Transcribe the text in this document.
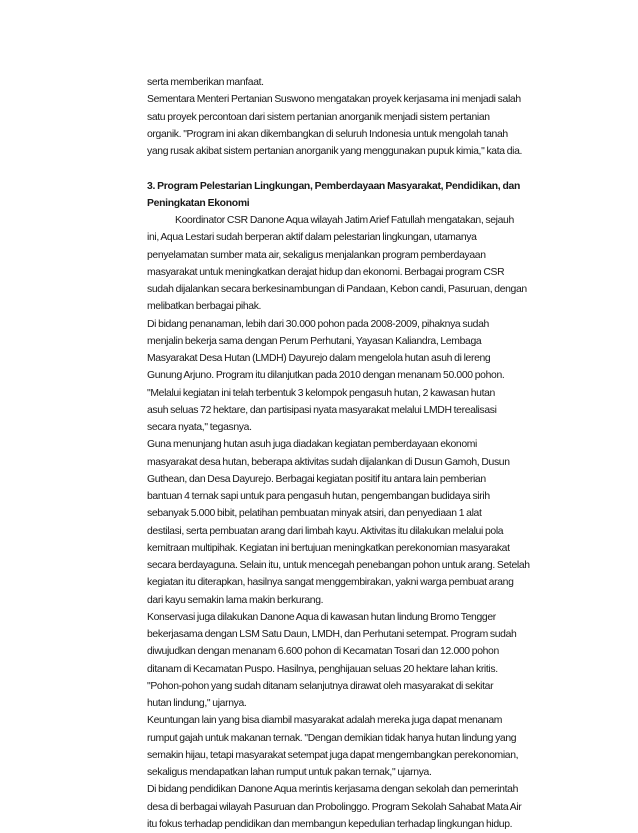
serta memberikan manfaat.
Sementara Menteri Pertanian Suswono mengatakan proyek kerjasama ini menjadi salah
satu proyek percontoan dari sistem pertanian anorganik menjadi sistem pertanian
organik. "Program ini akan dikembangkan di seluruh Indonesia untuk mengolah tanah
yang rusak akibat sistem pertanian anorganik yang menggunakan pupuk kimia," kata dia.
3. Program Pelestarian Lingkungan, Pemberdayaan Masyarakat, Pendidikan, dan
Peningkatan Ekonomi
Koordinator CSR Danone Aqua wilayah Jatim Arief Fatullah mengatakan, sejauh
ini, Aqua Lestari sudah berperan aktif dalam pelestarian lingkungan, utamanya
penyelamatan sumber mata air, sekaligus menjalankan program pemberdayaan
masyarakat untuk meningkatkan derajat hidup dan ekonomi. Berbagai program CSR
sudah dijalankan secara berkesinambungan di Pandaan, Kebon candi, Pasuruan, dengan
melibatkan berbagai pihak.
Di bidang penanaman, lebih dari 30.000 pohon pada 2008-2009, pihaknya sudah
menjalin bekerja sama dengan Perum Perhutani, Yayasan Kaliandra, Lembaga
Masyarakat Desa Hutan (LMDH) Dayurejo dalam mengelola hutan asuh di lereng
Gunung Arjuno. Program itu dilanjutkan pada 2010 dengan menanam 50.000 pohon.
"Melalui kegiatan ini telah terbentuk 3 kelompok pengasuh hutan, 2 kawasan hutan
asuh seluas 72 hektare, dan partisipasi nyata masyarakat melalui LMDH terealisasi
secara nyata," tegasnya.
Guna menunjang hutan asuh juga diadakan kegiatan pemberdayaan ekonomi
masyarakat desa hutan, beberapa aktivitas sudah dijalankan di Dusun Gamoh, Dusun
Guthean, dan Desa Dayurejo. Berbagai kegiatan positif itu antara lain pemberian
bantuan 4 ternak sapi untuk para pengasuh hutan, pengembangan budidaya sirih
sebanyak 5.000 bibit, pelatihan pembuatan minyak atsiri, dan penyediaan 1 alat
destilasi, serta pembuatan arang dari limbah kayu. Aktivitas itu dilakukan melalui pola
kemitraan multipihak. Kegiatan ini bertujuan meningkatkan perekonomian masyarakat
secara berdayaguna. Selain itu, untuk mencegah penebangan pohon untuk arang. Setelah
kegiatan itu diterapkan, hasilnya sangat menggembirakan, yakni warga pembuat arang
dari kayu semakin lama makin berkurang.
Konservasi juga dilakukan Danone Aqua di kawasan hutan lindung Bromo Tengger
bekerjasama dengan LSM Satu Daun, LMDH, dan Perhutani setempat. Program sudah
diwujudkan dengan menanam 6.600 pohon di Kecamatan Tosari dan 12.000 pohon
ditanam di Kecamatan Puspo. Hasilnya, penghijauan seluas 20 hektare lahan kritis.
"Pohon-pohon yang sudah ditanam selanjutnya dirawat oleh masyarakat di sekitar
hutan lindung," ujarnya.
Keuntungan lain yang bisa diambil masyarakat adalah mereka juga dapat menanam
rumput gajah untuk makanan ternak. "Dengan demikian tidak hanya hutan lindung yang
semakin hijau, tetapi masyarakat setempat juga dapat mengembangkan perekonomian,
sekaligus mendapatkan lahan rumput untuk pakan ternak," ujarnya.
Di bidang pendidikan Danone Aqua merintis kerjasama dengan sekolah dan pemerintah
desa di berbagai wilayah Pasuruan dan Probolinggo. Program Sekolah Sahabat Mata Air
itu fokus terhadap pendidikan dan membangun kepedulian terhadap lingkungan hidup.
